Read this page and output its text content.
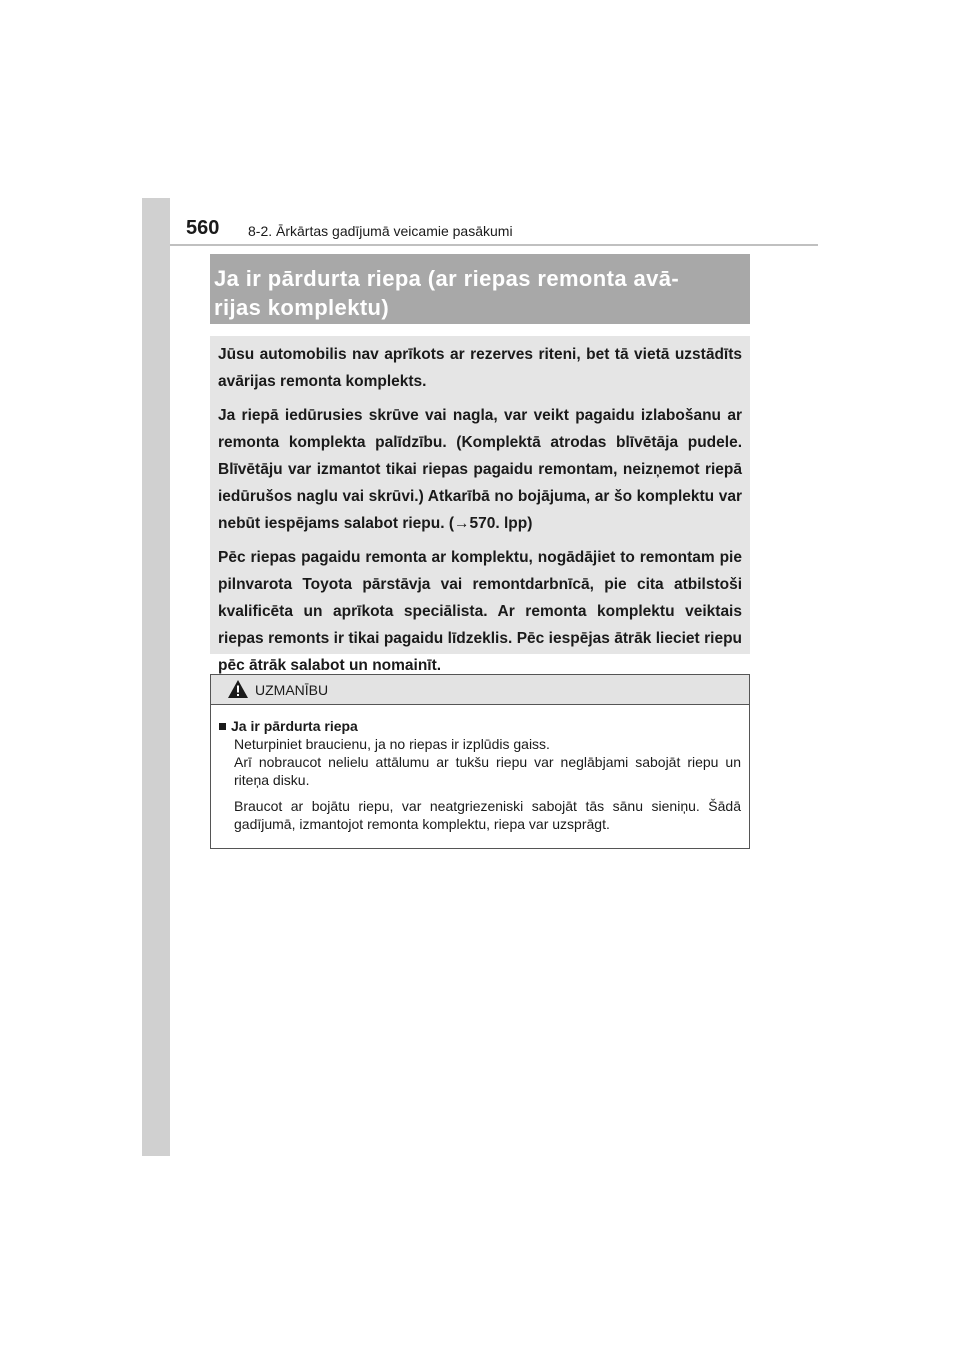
560 8-2. Ārkārtas gadījumā veicamie pasākumi
Ja ir pārdurta riepa (ar riepas remonta avā-
rijas komplektu)

Jūsu automobilis nav aprīkots ar rezerves riteni, bet tā vietā uzstādīts avārijas remonta komplekts.

Ja riepā iedūrusies skrūve vai nagla, var veikt pagaidu izlabošanu ar remonta komplekta palīdzību. (Komplektā atrodas blīvētāja pudele. Blīvētāju var izmantot tikai riepas pagaidu remontam, neizņemot riepā iedūrušos naglu vai skrūvi.) Atkarībā no bojājuma, ar šo komplektu var nebūt iespējams salabot riepu. (→570. lpp)

Pēc riepas pagaidu remonta ar komplektu, nogādājiet to remontam pie pilnvarota Toyota pārstāvja vai remontdarbnīcā, pie cita atbilstoši kvalificēta un aprīkota speciālista. Ar remonta komplektu veiktais riepas remonts ir tikai pagaidu līdzeklis. Pēc iespējas ātrāk lieciet riepu pēc ātrāk salabot un nomainīt.

UZMANĪBU
Ja ir pārdurta riepa
Neturpiniet braucienu, ja no riepas ir izplūdis gaiss.
Arī nobraucot nelielu attālumu ar tukšu riepu var neglābjami sabojāt riepu un riteņa disku.
Braucot ar bojātu riepu, var neatgriezeniski sabojāt tās sānu sieniņu. Šādā gadījumā, izmantojot remonta komplektu, riepa var uzsprāgt.
